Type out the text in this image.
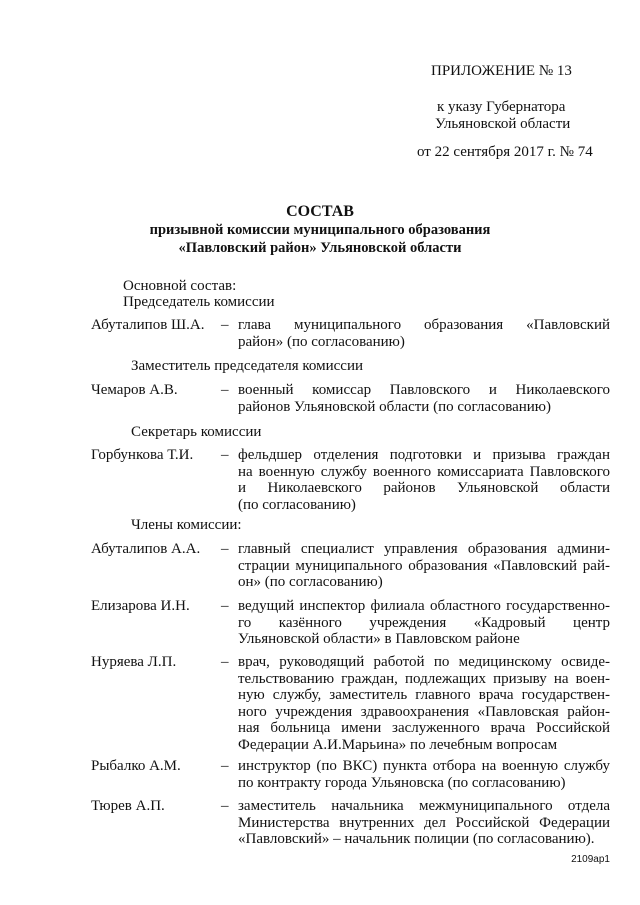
ПРИЛОЖЕНИЕ № 13
к указу Губернатора
Ульяновской области
от 22 сентября 2017 г. № 74
СОСТАВ
призывной комиссии муниципального образования
«Павловский район» Ульяновской области
Основной состав:
Председатель комиссии
Абуталипов Ш.А. – глава муниципального образования «Павловский
район» (по согласованию)
Заместитель председателя комиссии
Чемаров А.В.	– военный комиссар Павловского и Николаевского
районов Ульяновской области (по согласованию)
Секретарь комиссии
Горбункова Т.И. – фельдшер отделения подготовки и призыва граждан
на военную службу военного комиссариата Павловского
и Николаевского районов Ульяновской области
(по согласованию)
Члены комиссии:
Абуталипов А.А. – главный специалист управления образования админи-
страции муниципального образования «Павловский рай-
он» (по согласованию)
Елизарова И.Н. – ведущий инспектор филиала областного государственно-
го казённого учреждения «Кадровый центр
Ульяновской области» в Павловском районе
Нуряева Л.П.	– врач, руководящий работой по медицинскому освиде-
тельствованию граждан, подлежащих призыву на воен-
ную службу, заместитель главного врача государствен-
ного учреждения здравоохранения «Павловская район-
ная больница имени заслуженного врача Российской
Федерации А.И.Марьина» по лечебным вопросам
Рыбалко А.М.	– инструктор (по ВКС) пункта отбора на военную службу
по контракту города Ульяновска (по согласованию)
Тюрев А.П.	– заместитель начальника межмуниципального отдела
Министерства внутренних дел Российской Федерации
«Павловский» – начальник полиции (по согласованию).
2109ap1
